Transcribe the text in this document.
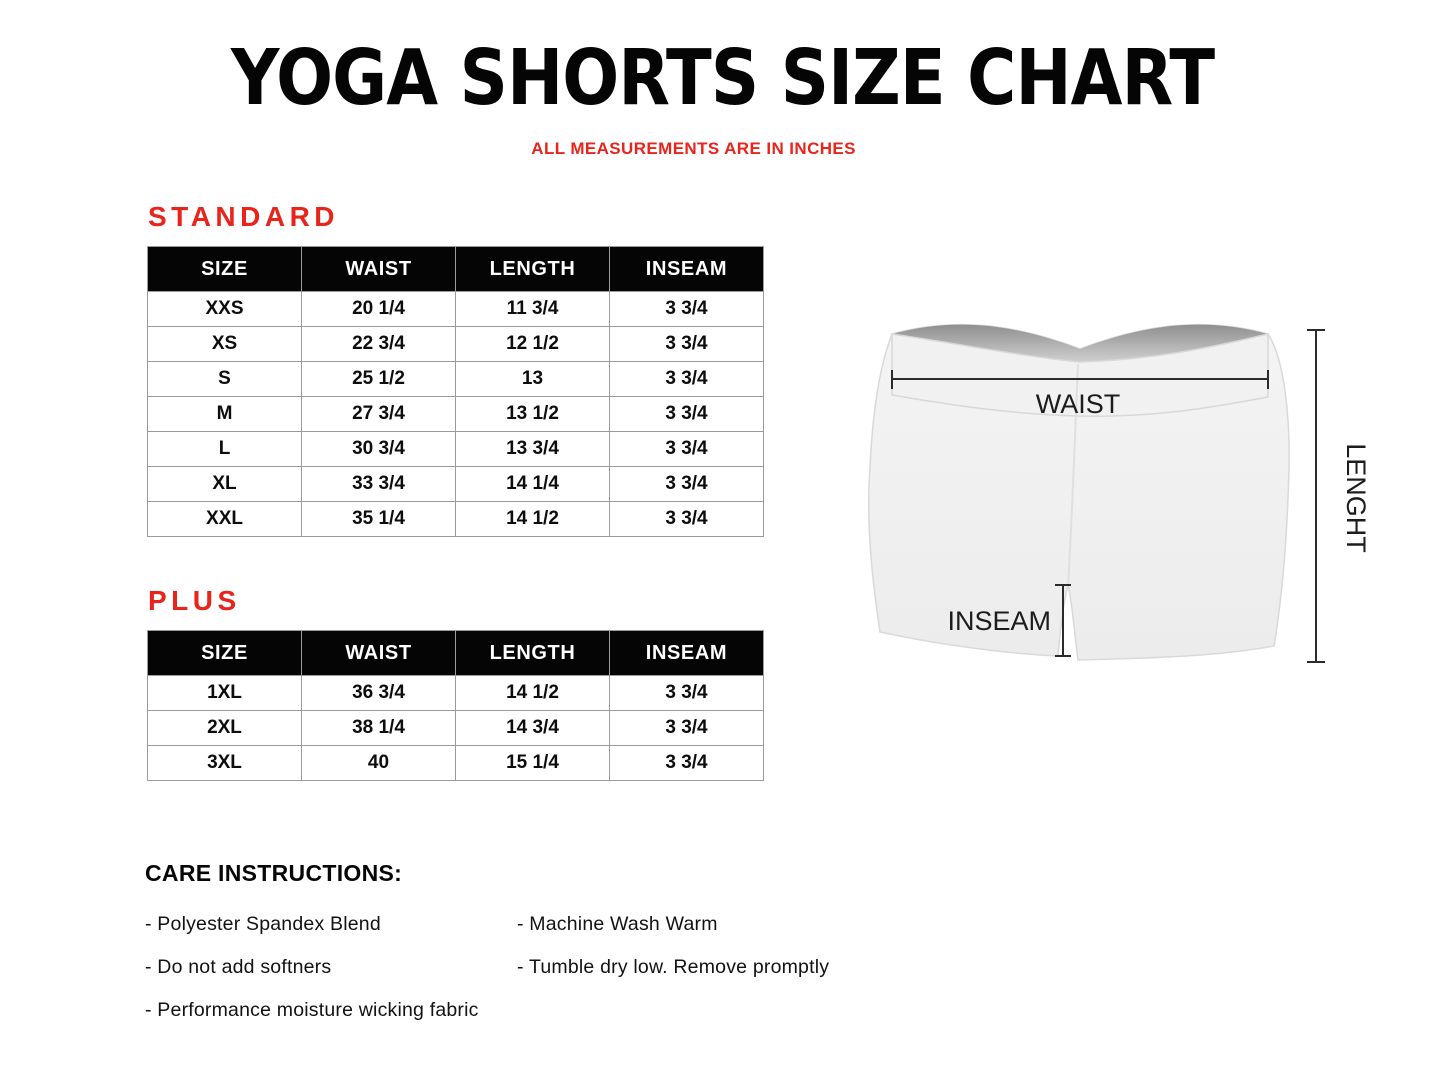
YOGA SHORTS SIZE CHART
ALL MEASUREMENTS ARE IN INCHES
STANDARD
SIZE	WAIST	LENGTH	INSEAM
XXS	20 1/4	11 3/4	3 3/4
XS	22 3/4	12 1/2	3 3/4
S	25 1/2	13	3 3/4
M	27 3/4	13 1/2	3 3/4
L	30 3/4	13 3/4	3 3/4
XL	33 3/4	14 1/4	3 3/4
XXL	35 1/4	14 1/2	3 3/4
PLUS
SIZE	WAIST	LENGTH	INSEAM
1XL	36 3/4	14 1/2	3 3/4
2XL	38 1/4	14 3/4	3 3/4
3XL	40	15 1/4	3 3/4
WAIST
INSEAM
LENGHT
CARE INSTRUCTIONS:
- Polyester Spandex Blend
- Do not add softners
- Performance moisture wicking fabric
- Machine Wash Warm
- Tumble dry low. Remove promptly
